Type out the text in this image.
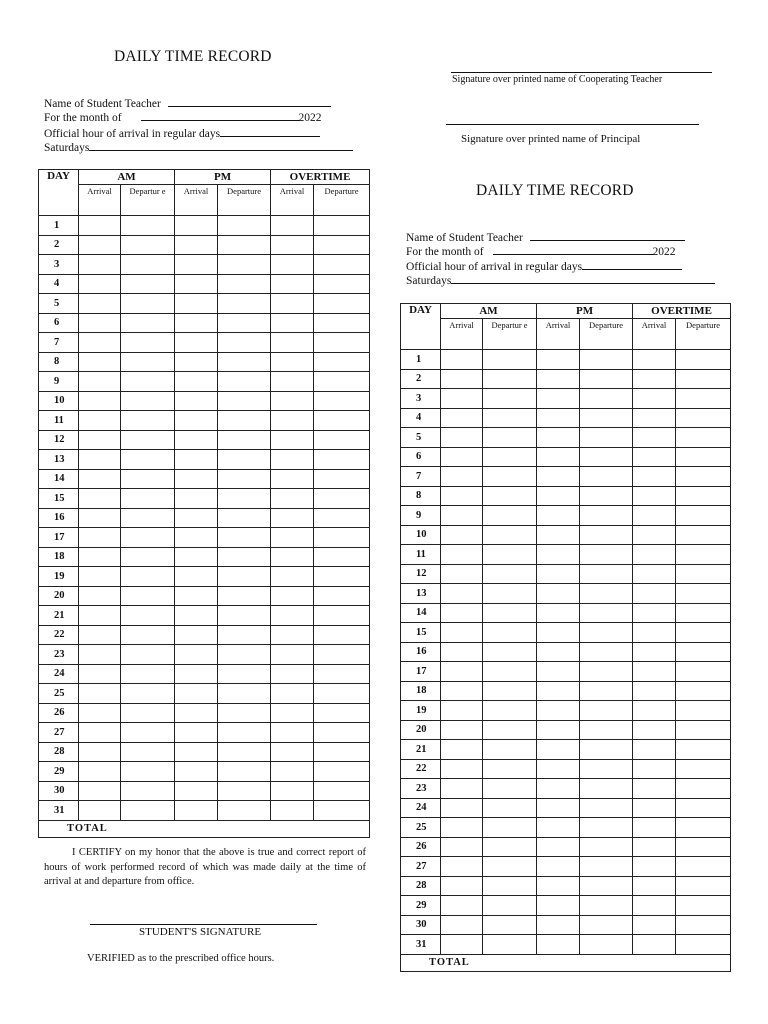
DAILY TIME RECORD
Name of Student Teacher
For the month of	2022
Official hour of arrival in regular days
Saturdays
DAY	AM		PM		OVERTIME	
	Arrival	Departur e	Arrival	Departure	Arrival	Departure
1						
2						
3						
4						
5						
6						
7						
8						
9						
10						
11						
12						
13						
14						
15						
16						
17						
18						
19						
20						
21						
22						
23						
24						
25						
26						
27						
28						
29						
30						
31						
TOTAL						
I CERTIFY on my honor that the above is true and correct report of hours of work performed record of which was made daily at the time of arrival at and departure from office.
STUDENT'S SIGNATURE
VERIFIED as to the prescribed office hours.
Signature over printed name of Cooperating Teacher
Signature over printed name of Principal
DAILY TIME RECORD
Name of Student Teacher
For the month of	2022
Official hour of arrival in regular days
Saturdays
DAY	AM		PM		OVERTIME	
	Arrival	Departur e	Arrival	Departure	Arrival	Departure
1						
2						
3						
4						
5						
6						
7						
8						
9						
10						
11						
12						
13						
14						
15						
16						
17						
18						
19						
20						
21						
22						
23						
24						
25						
26						
27						
28						
29						
30						
31						
TOTAL						
